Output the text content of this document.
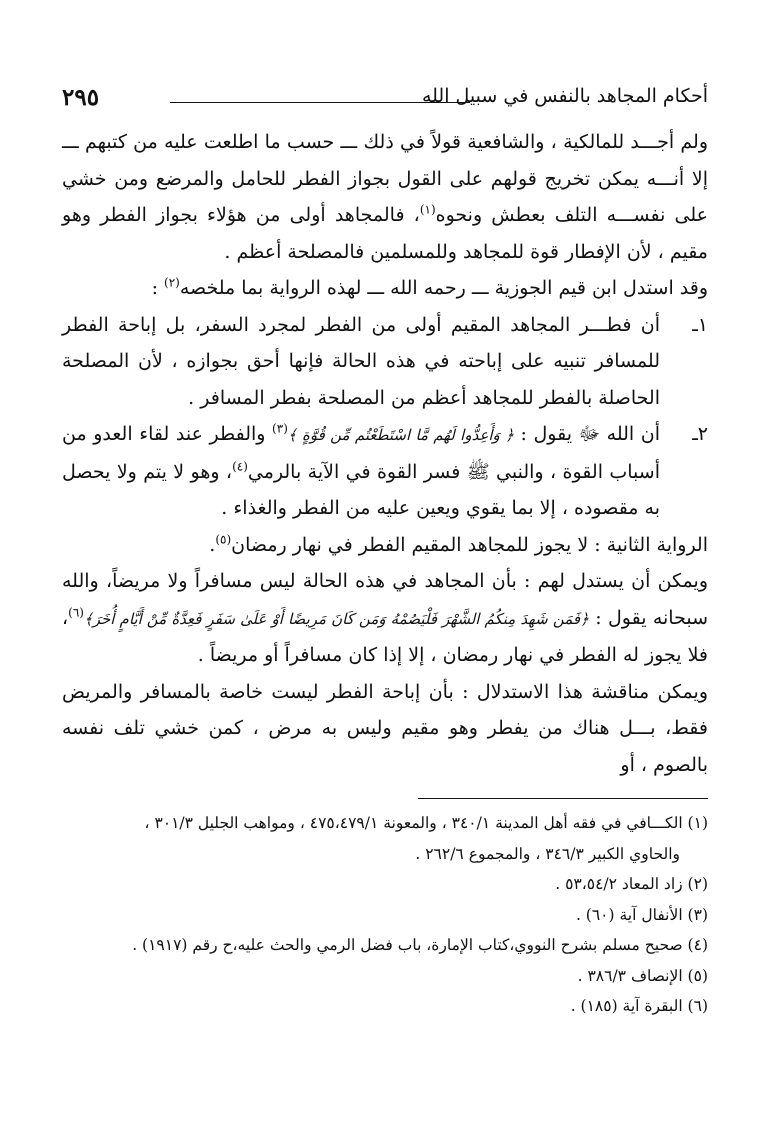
٢٩٥	أحكام المجاهد بالنفس في سبيل الله

ولم أجـــد للمالكية ، والشافعية قولاً في ذلك ـــ حسب ما اطلعت عليه من كتبهم ـــ إلا أنـــه يمكن تخريج قولهم على القول بجواز الفطر للحامل والمرضع ومن خشي على نفســـه التلف بعطش ونحوه$^{(١)}$، فالمجاهد أولى من هؤلاء بجواز الفطر وهو مقيم ، لأن الإفطار قوة للمجاهد وللمسلمين فالمصلحة أعظم .

وقد استدل ابن قيم الجوزية ـــ رحمه الله ـــ لهذه الرواية بما ملخصه$^{(٢)}$ :

١ـ
أن فطـــر المجاهد المقيم أولى من الفطر لمجرد السفر، بل إباحة الفطر للمسافر تنبيه على إباحته في هذه الحالة فإنها أحق بجوازه ، لأن المصلحة الحاصلة بالفطر للمجاهد أعظم من المصلحة بفطر المسافر .

٢ـ
أن الله ﷻ يقول : ﴿ وَأَعِدُّوا لَهُم مَّا اسْتَطَعْتُم مِّن قُوَّةٍ ﴾$^{(٣)}$ والفطر عند لقاء العدو من أسباب القوة ، والنبي ﷺ فسر القوة في الآية بالرمي$^{(٤)}$، وهو لا يتم ولا يحصل به مقصوده ، إلا بما يقوي ويعين عليه من الفطر والغذاء .

الرواية الثانية : لا يجوز للمجاهد المقيم الفطر في نهار رمضان$^{(٥)}$.

ويمكن أن يستدل لهم : بأن المجاهد في هذه الحالة ليس مسافراً ولا مريضاً، والله سبحانه يقول : ﴿فَمَن شَهِدَ مِنكُمُ الشَّهْرَ فَلْيَصُمْهُ وَمَن كَانَ مَرِيضًا أَوْ عَلَىٰ سَفَرٍ فَعِدَّةٌ مِّنْ أَيَّامٍ أُخَرَ﴾$^{(٦)}$، فلا يجوز له الفطر في نهار رمضان ، إلا إذا كان مسافراً أو مريضاً .

ويمكن مناقشة هذا الاستدلال : بأن إباحة الفطر ليست خاصة بالمسافر والمريض فقط، بـــل هناك من يفطر وهو مقيم وليس به مرض ، كمن خشي تلف نفسه بالصوم ، أو

(١) الكـــافي في فقه أهل المدينة ٣٤٠/١ ، والمعونة ٤٧٥،٤٧٩/١ ، ومواهب الجليل ٣٠١/٣ ،

والحاوي الكبير ٣٤٦/٣ ، والمجموع ٢٦٢/٦ .

(٢) زاد المعاد ٥٣،٥٤/٢ .

(٣) الأنفال آية (٦٠) .

(٤) صحيح مسلم بشرح النووي،كتاب الإمارة، باب فضل الرمي والحث عليه،ح رقم (١٩١٧) .

(٥) الإنصاف ٣٨٦/٣ .

(٦) البقرة آية (١٨٥) .
